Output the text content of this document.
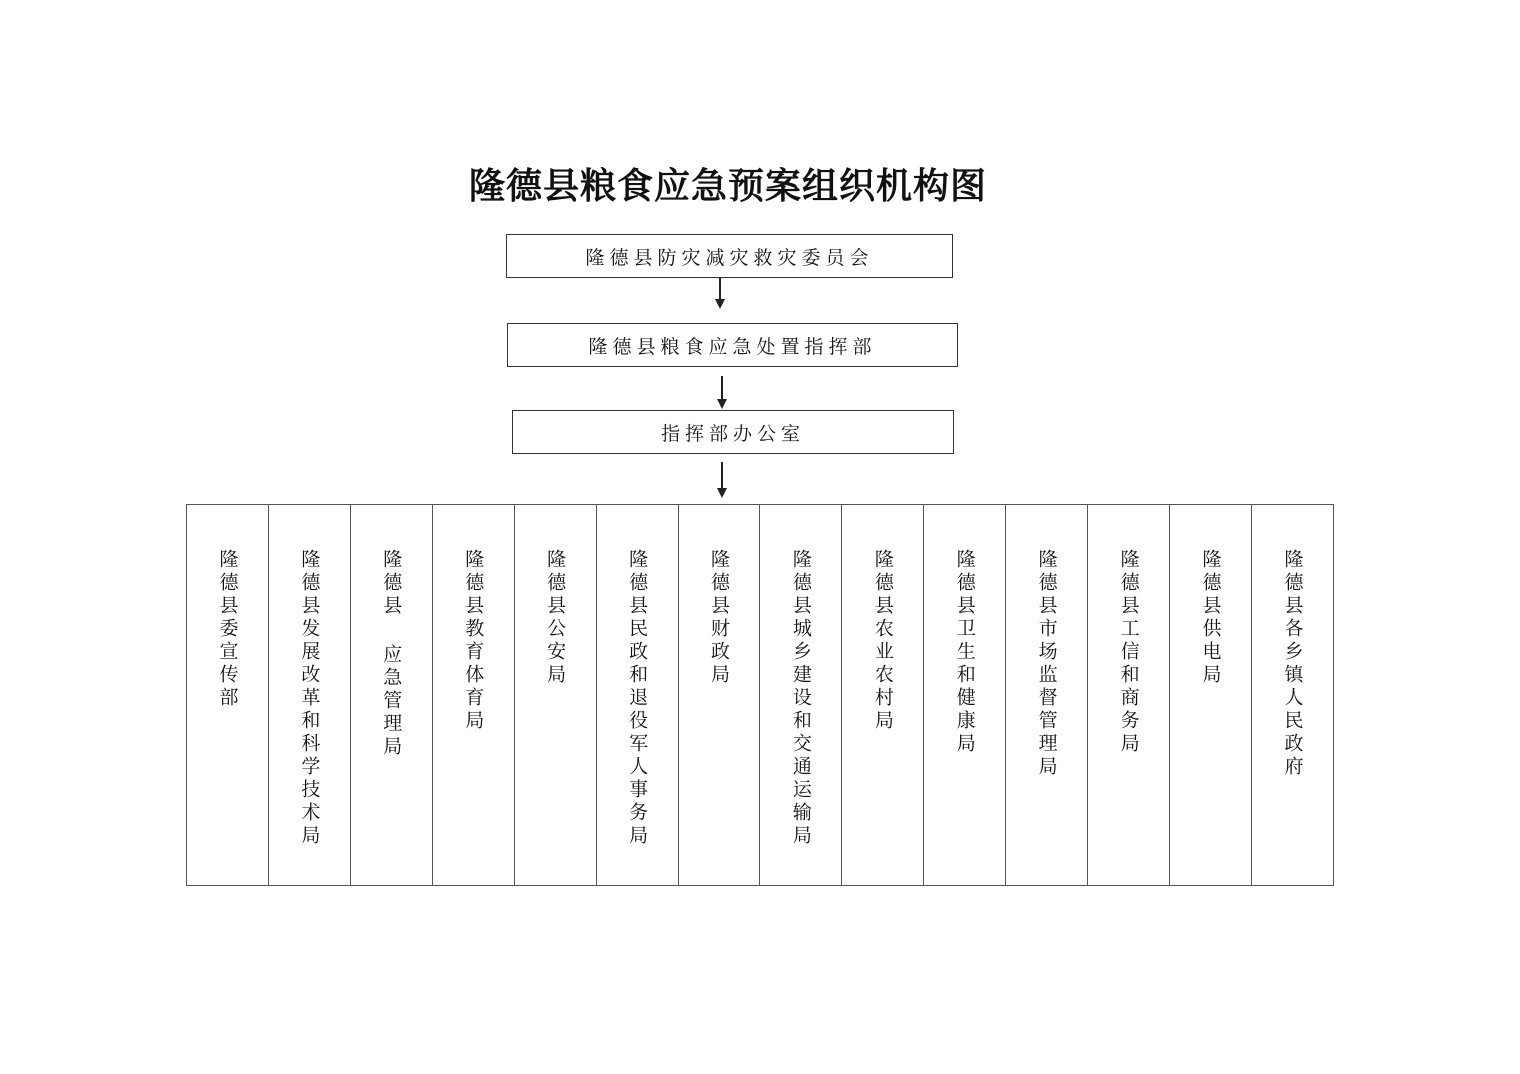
隆德县粮食应急预案组织机构图
隆德县防灾减灾救灾委员会
隆德县粮食应急处置指挥部
指挥部办公室
隆德县委宣传部	隆德县发展改革和科学技术局	隆德县 应急管理局	隆德县教育体育局	隆德县公安局	隆德县民政和退役军人事务局	隆德县财政局	隆德县城乡建设和交通运输局	隆德县农业农村局	隆德县卫生和健康局	隆德县市场监督管理局	隆德县工信和商务局	隆德县供电局	隆德县各乡镇人民政府
